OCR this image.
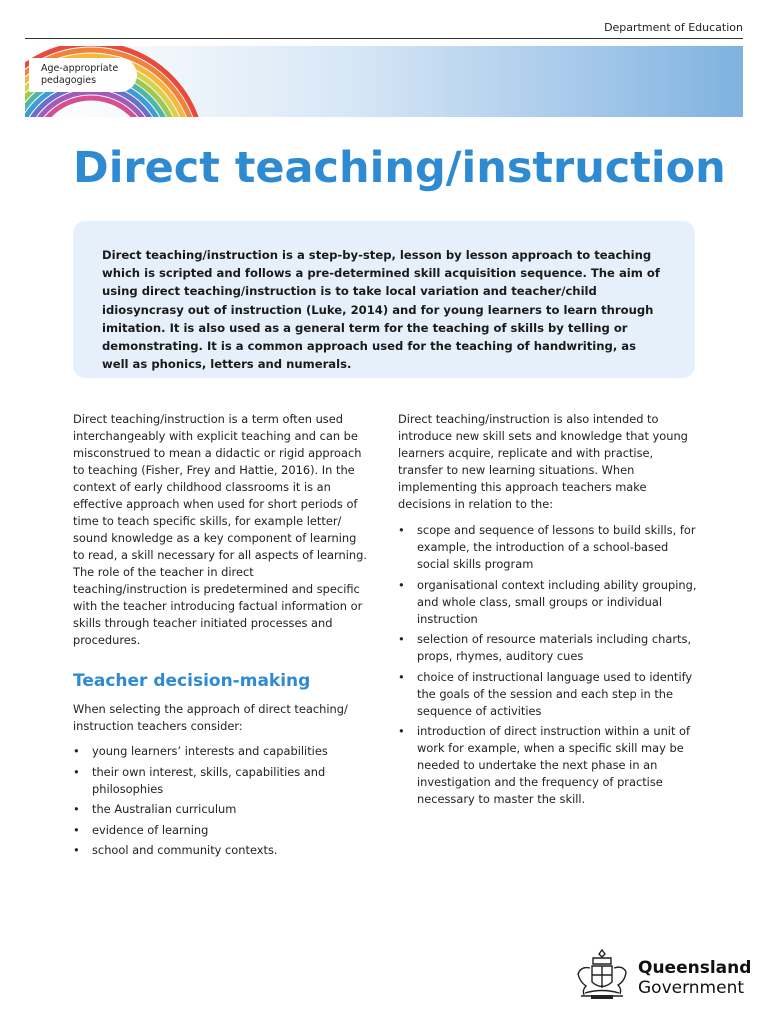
Department of Education
Age-appropriate
pedagogies
Direct teaching/instruction

Direct teaching/instruction is a step-by-step, lesson by lesson approach to teaching which is scripted and follows a pre-determined skill acquisition sequence. The aim of using direct teaching/instruction is to take local variation and teacher/child idiosyncrasy out of instruction (Luke, 2014) and for young learners to learn through imitation. It is also used as a general term for the teaching of skills by telling or demonstrating. It is a common approach used for the teaching of handwriting, as well as phonics, letters and numerals.

Direct teaching/instruction is a term often used interchangeably with explicit teaching and can be misconstrued to mean a didactic or rigid approach to teaching (Fisher, Frey and Hattie, 2016). In the context of early childhood classrooms it is an effective approach when used for short periods of time to teach specific skills, for example letter/ sound knowledge as a key component of learning to read, a skill necessary for all aspects of learning. The role of the teacher in direct teaching/instruction is predetermined and specific with the teacher introducing factual information or skills through teacher initiated processes and procedures.

Teacher decision-making

When selecting the approach of direct teaching/ instruction teachers consider:

• young learners’ interests and capabilities
• their own interest, skills, capabilities and philosophies
• the Australian curriculum
• evidence of learning
• school and community contexts.

Direct teaching/instruction is also intended to introduce new skill sets and knowledge that young learners acquire, replicate and with practise, transfer to new learning situations. When implementing this approach teachers make decisions in relation to the:

• scope and sequence of lessons to build skills, for example, the introduction of a school-based social skills program
• organisational context including ability grouping, and whole class, small groups or individual instruction
• selection of resource materials including charts, props, rhymes, auditory cues
• choice of instructional language used to identify the goals of the session and each step in the sequence of activities
• introduction of direct instruction within a unit of work for example, when a specific skill may be needed to undertake the next phase in an investigation and the frequency of practise necessary to master the skill.
Queensland
Government
